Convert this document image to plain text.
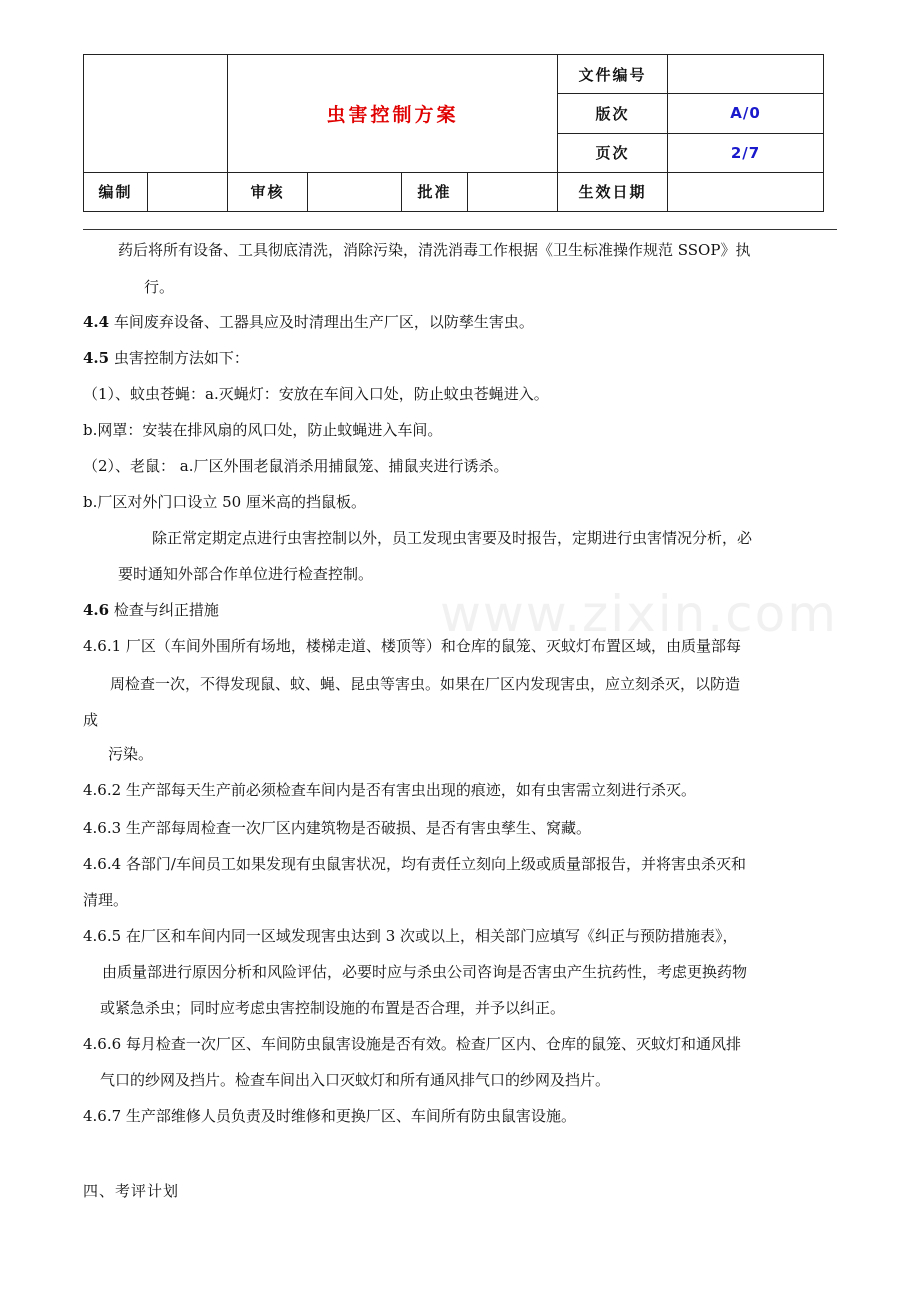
		虫害控制方案				文件编号	
						版次	A/0
						页次	2/7
编制		审核		批准		生效日期	
www.zixin.com

药后将所有设备、工具彻底清洗，消除污染，清洗消毒工作根据《卫生标准操作规范 SSOP》执

行。

4.4 车间废弃设备、工器具应及时清理出生产厂区，以防孳生害虫。

4.5 虫害控制方法如下：

（1）、蚊虫苍蝇：a.灭蝇灯：安放在车间入口处，防止蚊虫苍蝇进入。

b.网罩：安装在排风扇的风口处，防止蚊蝇进入车间。

（2）、老鼠： a.厂区外围老鼠消杀用捕鼠笼、捕鼠夹进行诱杀。

b.厂区对外门口设立 50 厘米高的挡鼠板。

除正常定期定点进行虫害控制以外，员工发现虫害要及时报告，定期进行虫害情况分析，必

要时通知外部合作单位进行检查控制。

4.6 检查与纠正措施

4.6.1 厂区（车间外围所有场地，楼梯走道、楼顶等）和仓库的鼠笼、灭蚊灯布置区域，由质量部每

周检查一次，不得发现鼠、蚊、蝇、昆虫等害虫。如果在厂区内发现害虫，应立刻杀灭，以防造

成

污染。

4.6.2 生产部每天生产前必须检查车间内是否有害虫出现的痕迹，如有虫害需立刻进行杀灭。

4.6.3 生产部每周检查一次厂区内建筑物是否破损、是否有害虫孳生、窝藏。

4.6.4 各部门/车间员工如果发现有虫鼠害状况，均有责任立刻向上级或质量部报告，并将害虫杀灭和

清理。

4.6.5 在厂区和车间内同一区域发现害虫达到 3 次或以上，相关部门应填写《纠正与预防措施表》，

由质量部进行原因分析和风险评估，必要时应与杀虫公司咨询是否害虫产生抗药性，考虑更换药物

或紧急杀虫；同时应考虑虫害控制设施的布置是否合理，并予以纠正。

4.6.6 每月检查一次厂区、车间防虫鼠害设施是否有效。检查厂区内、仓库的鼠笼、灭蚊灯和通风排

气口的纱网及挡片。检查车间出入口灭蚊灯和所有通风排气口的纱网及挡片。

4.6.7 生产部维修人员负责及时维修和更换厂区、车间所有防虫鼠害设施。

四、考评计划
